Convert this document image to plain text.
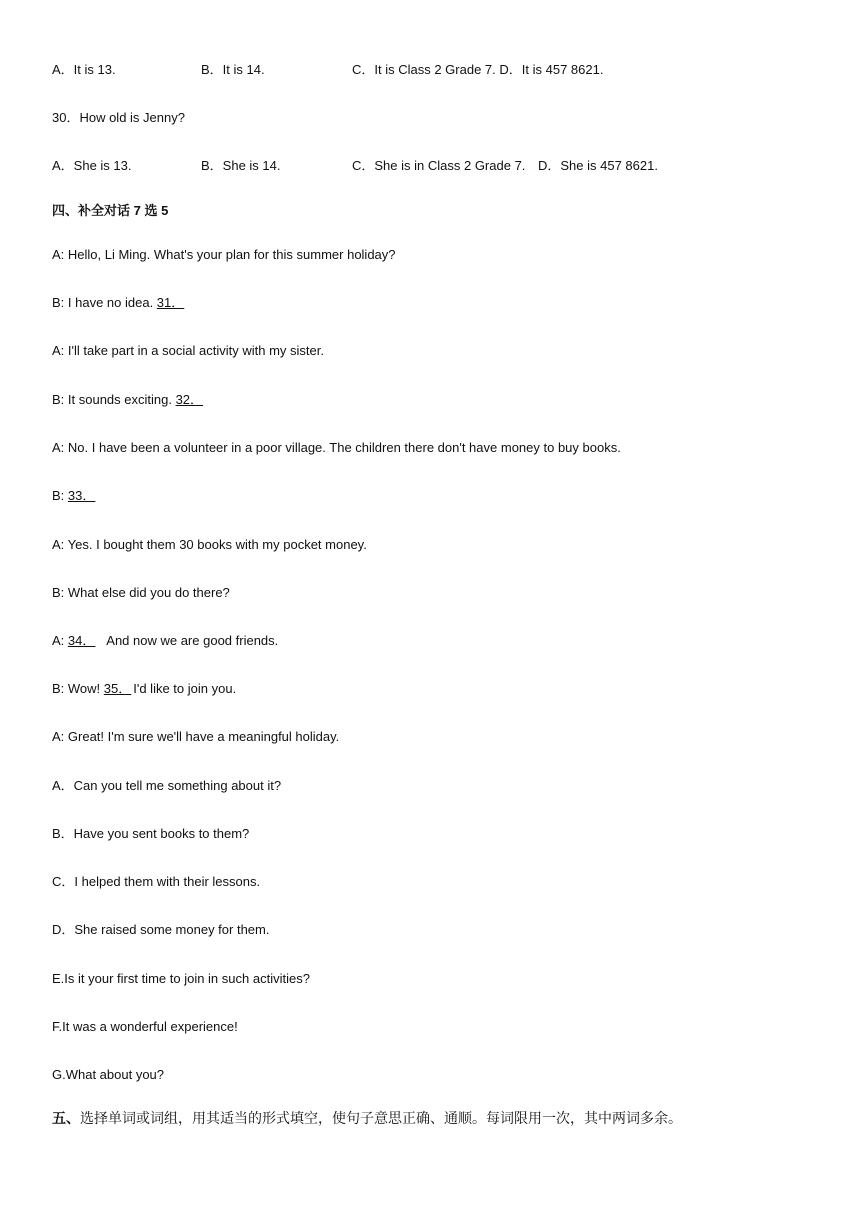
A．It is 13.	B．It is 14.	C．It is Class 2 Grade 7. D．It is 457 8621.
30．How old is Jenny?
A．She is 13.	B．She is 14.	C．She is in Class 2 Grade 7. D．She is 457 8621.
四、补全对话 7 选 5
A: Hello, Li Ming. What's your plan for this summer holiday?
B: I have no idea. 31．
A: I'll take part in a social activity with my sister.
B: It sounds exciting. 32．
A: No. I have been a volunteer in a poor village. The children there don't have money to buy books.
B: 33．
A: Yes. I bought them 30 books with my pocket money.
B: What else did you do there?
A: 34． And now we are good friends.
B: Wow! 35． I'd like to join you.
A: Great! I'm sure we'll have a meaningful holiday.
A．Can you tell me something about it?
B．Have you sent books to them?
C．I helped them with their lessons.
D．She raised some money for them.
E.Is it your first time to join in such activities?
F.It was a wonderful experience!
G.What about you?
五、选择单词或词组，用其适当的形式填空，使句子意思正确、通顺。每词限用一次，其中两词多余。
